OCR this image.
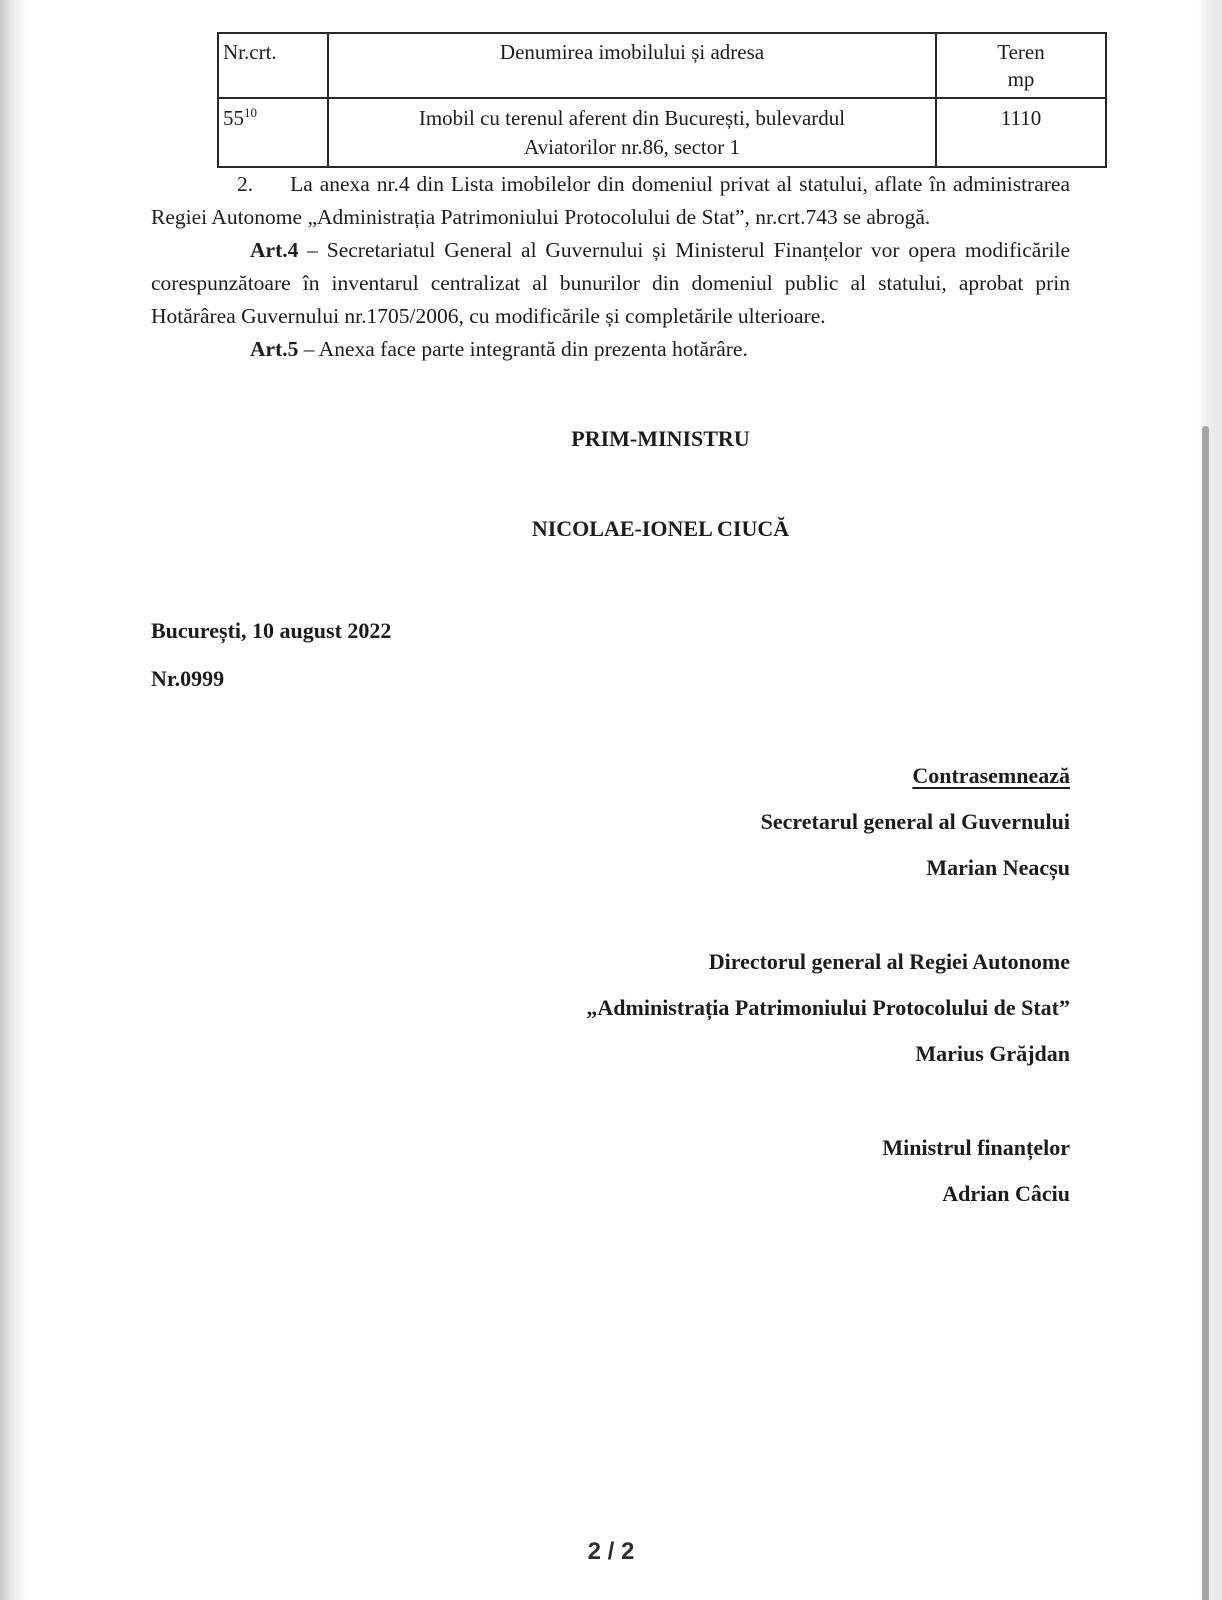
Nr.crt.	Denumirea imobilului și adresa	Teren
mp

$55^{10}$	Imobil cu terenul aferent din București, bulevardul
Aviatorilor nr.86, sector 1	1110

2. La anexa nr.4 din Lista imobilelor din domeniul privat al statului, aflate în administrarea Regiei Autonome „Administrația Patrimoniului Protocolului de Stat”, nr.crt.743 se abrogă.

Art.4 – Secretariatul General al Guvernului și Ministerul Finanțelor vor opera modificările corespunzătoare în inventarul centralizat al bunurilor din domeniul public al statului, aprobat prin Hotărârea Guvernului nr.1705/2006, cu modificările și completările ulterioare.

Art.5 – Anexa face parte integrantă din prezenta hotărâre.

PRIM-MINISTRU

NICOLAE-IONEL CIUCĂ

București, 10 august 2022

Nr.0999

Contrasemnează

Secretarul general al Guvernului

Marian Neacșu

Directorul general al Regiei Autonome

„Administrația Patrimoniului Protocolului de Stat”

Marius Grăjdan

Ministrul finanțelor

Adrian Câciu

2 / 2
